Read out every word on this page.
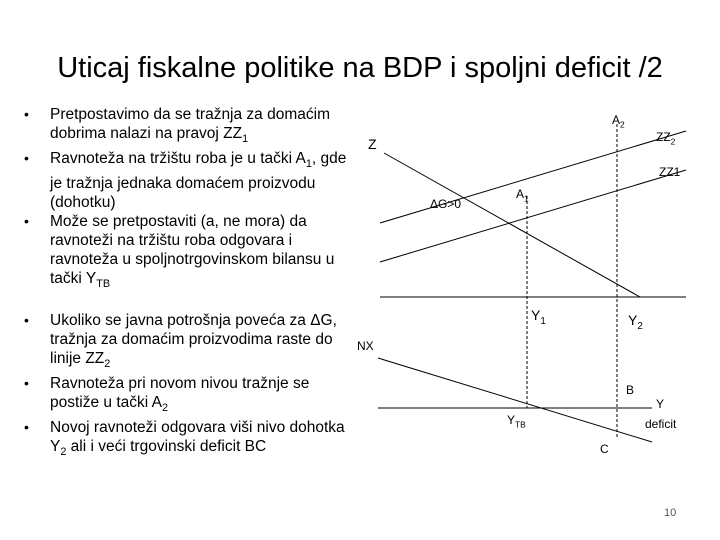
Uticaj fiskalne politike na BDP i spoljni deficit /2
• Pretpostavimo da se tražnja za domaćim dobrima nalazi na pravoj $ZZ_1$
• Ravnoteža na tržištu roba je u tački $A_1$, gde je tražnja jednaka domaćem proizvodu (dohotku)
• Može se pretpostaviti (a, ne mora) da ravnoteži na tržištu roba odgovara i ravnoteža u spoljnotrgovinskom bilansu u tački $Y_{TB}$
• Ukoliko se javna potrošnja poveća za ΔG, tražnja za domaćim proizvodima raste do linije $ZZ_2$
• Ravnoteža pri novom nivou tražnje se postiže u tački $A_2$
• Novoj ravnoteži odgovara viši nivo dohotka $Y_2$ ali i veći trgovinski deficit BC
Z
$A_2$
$ZZ_2$
ZZ1
ΔG>0
$A_1$
$Y_1$	$Y_2$
NX
B
Y
deficit
$Y_{TB}$
C
10
